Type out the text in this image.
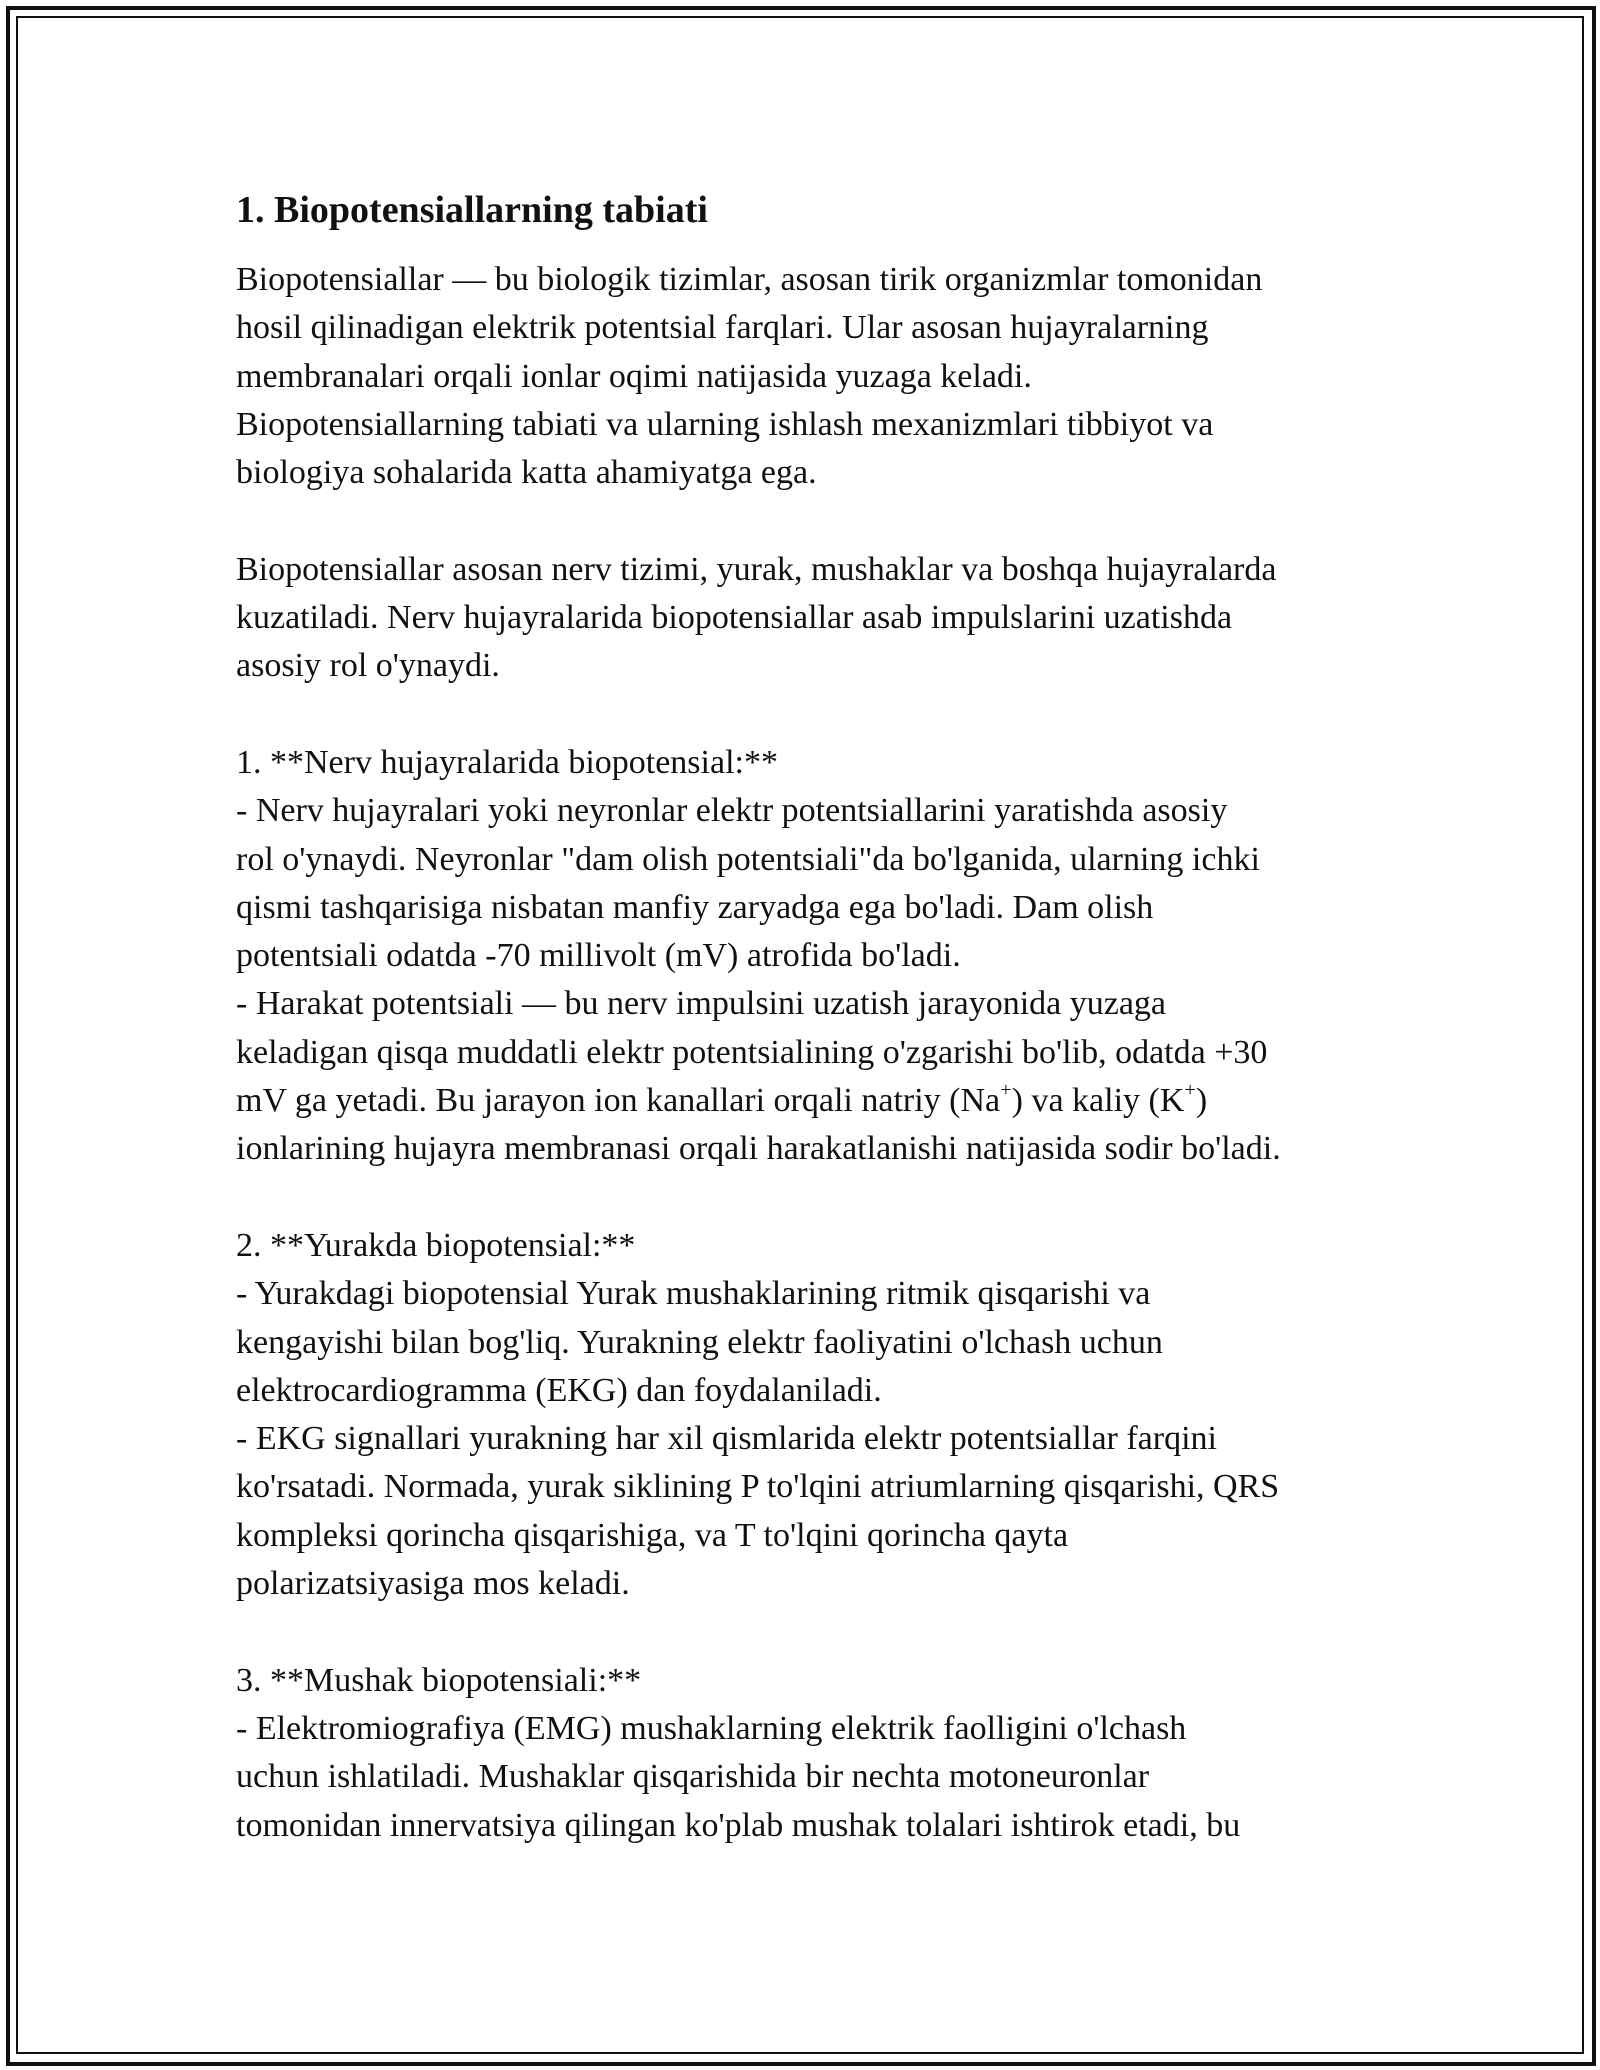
1. Biopotensiallarning tabiati

Biopotensiallar — bu biologik tizimlar, asosan tirik organizmlar tomonidan
hosil qilinadigan elektrik potentsial farqlari. Ular asosan hujayralarning
membranalari orqali ionlar oqimi natijasida yuzaga keladi.
Biopotensiallarning tabiati va ularning ishlash mexanizmlari tibbiyot va
biologiya sohalarida katta ahamiyatga ega.

Biopotensiallar asosan nerv tizimi, yurak, mushaklar va boshqa hujayralarda
kuzatiladi. Nerv hujayralarida biopotensiallar asab impulslarini uzatishda
asosiy rol o'ynaydi.

1. **Nerv hujayralarida biopotensial:**

- Nerv hujayralari yoki neyronlar elektr potentsiallarini yaratishda asosiy
rol o'ynaydi. Neyronlar "dam olish potentsiali"da bo'lganida, ularning ichki
qismi tashqarisiga nisbatan manfiy zaryadga ega bo'ladi. Dam olish
potentsiali odatda -70 millivolt (mV) atrofida bo'ladi.

- Harakat potentsiali — bu nerv impulsini uzatish jarayonida yuzaga
keladigan qisqa muddatli elektr potentsialining o'zgarishi bo'lib, odatda +30
mV ga yetadi. Bu jarayon ion kanallari orqali natriy (Na+) va kaliy (K+)
ionlarining hujayra membranasi orqali harakatlanishi natijasida sodir bo'ladi.

2. **Yurakda biopotensial:**

- Yurakdagi biopotensial Yurak mushaklarining ritmik qisqarishi va
kengayishi bilan bog'liq. Yurakning elektr faoliyatini o'lchash uchun
elektrocardiogramma (EKG) dan foydalaniladi.

- EKG signallari yurakning har xil qismlarida elektr potentsiallar farqini
ko'rsatadi. Normada, yurak siklining P to'lqini atriumlarning qisqarishi, QRS
kompleksi qorincha qisqarishiga, va T to'lqini qorincha qayta
polarizatsiyasiga mos keladi.

3. **Mushak biopotensiali:**

- Elektromiografiya (EMG) mushaklarning elektrik faolligini o'lchash
uchun ishlatiladi. Mushaklar qisqarishida bir nechta motoneuronlar
tomonidan innervatsiya qilingan ko'plab mushak tolalari ishtirok etadi, bu
